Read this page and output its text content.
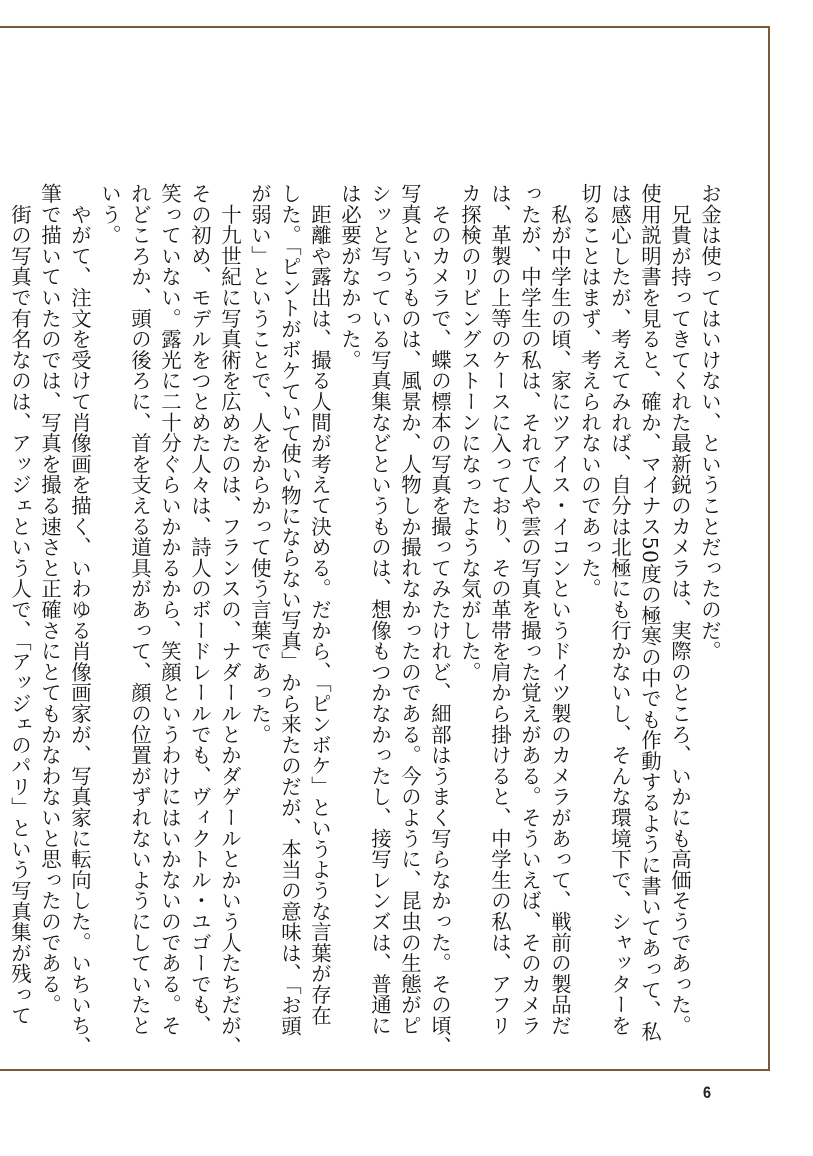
お金は使ってはいけない、ということだったのだ。
　兄貴が持ってきてくれた最新鋭のカメラは、実際のところ、いかにも高価そうであった。
使用説明書を見ると、確か、マイナス50度の極寒の中でも作動するように書いてあって、私
は感心したが、考えてみれば、自分は北極にも行かないし、そんな環境下で、シャッターを
切ることはまず、考えられないのであった。
　私が中学生の頃、家にツアイス・イコンというドイツ製のカメラがあって、戦前の製品だ
ったが、中学生の私は、それで人や雲の写真を撮った覚えがある。そういえば、そのカメラ
は、革製の上等のケースに入っており、その革帯を肩から掛けると、中学生の私は、アフリ
カ探検のリビングストーンになったような気がした。
　そのカメラで、蝶の標本の写真を撮ってみたけれど、細部はうまく写らなかった。その頃、
写真というものは、風景か、人物しか撮れなかったのである。今のように、昆虫の生態がピ
シッと写っている写真集などというものは、想像もつかなかったし、接写レンズは、普通に
は必要がなかった。
　距離や露出は、撮る人間が考えて決める。だから、「ピンボケ」というような言葉が存在
した。「ピントがボケていて使い物にならない写真」から来たのだが、本当の意味は、「お頭
が弱い」ということで、人をからかって使う言葉であった。
　十九世紀に写真術を広めたのは、フランスの、ナダールとかダゲールとかいう人たちだが、
その初め、モデルをつとめた人々は、詩人のボードレールでも、ヴィクトル・ユゴーでも、
笑っていない。露光に二十分ぐらいかかるから、笑顔というわけにはいかないのである。そ
れどころか、頭の後ろに、首を支える道具があって、顔の位置がずれないようにしていたと
いう。
　やがて、注文を受けて肖像画を描く、いわゆる肖像画家が、写真家に転向した。いちいち、
筆で描いていたのでは、写真を撮る速さと正確さにとてもかなわないと思ったのである。
　街の写真で有名なのは、アッジェという人で、「アッジェのパリ」という写真集が残って
6
